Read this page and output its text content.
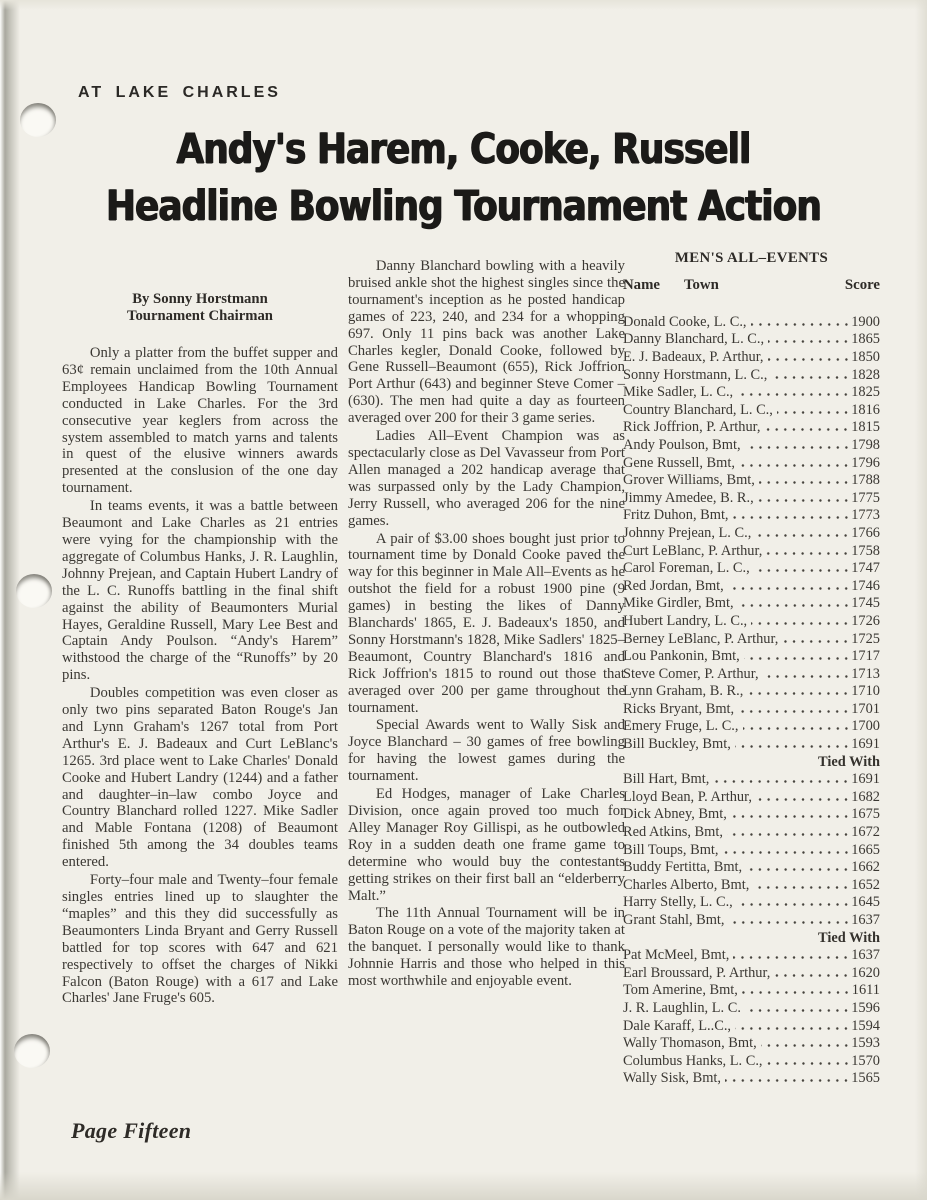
AT LAKE CHARLES
Andy's Harem, Cooke, Russell
Headline Bowling Tournament Action
By Sonny Horstmann
Tournament Chairman

Only a platter from the buffet supper and 63¢ remain unclaimed from the 10th Annual Employees Handicap Bowling Tournament conducted in Lake Charles. For the 3rd consecutive year keglers from across the system assembled to match yarns and talents in quest of the elusive winners awards presented at the conslusion of the one day tournament.

In teams events, it was a battle between Beaumont and Lake Charles as 21 entries were vying for the championship with the aggregate of Columbus Hanks, J. R. Laughlin, Johnny Prejean, and Captain Hubert Landry of the L. C. Runoffs battling in the final shift against the ability of Beaumonters Murial Hayes, Geraldine Russell, Mary Lee Best and Captain Andy Poulson. “Andy's Harem” withstood the charge of the “Runoffs” by 20 pins.

Doubles competition was even closer as only two pins separated Baton Rouge's Jan and Lynn Graham's 1267 total from Port Arthur's E. J. Badeaux and Curt LeBlanc's 1265. 3rd place went to Lake Charles' Donald Cooke and Hubert Landry (1244) and a father and daughter–in–law combo Joyce and Country Blanchard rolled 1227. Mike Sadler and Mable Fontana (1208) of Beaumont finished 5th among the 34 doubles teams entered.

Forty–four male and Twenty–four female singles entries lined up to slaughter the “maples” and this they did successfully as Beaumonters Linda Bryant and Gerry Russell battled for top scores with 647 and 621 respectively to offset the charges of Nikki Falcon (Baton Rouge) with a 617 and Lake Charles' Jane Fruge's 605.

Danny Blanchard bowling with a heavily bruised ankle shot the highest singles since the tournament's inception as he posted handicap games of 223, 240, and 234 for a whopping 697. Only 11 pins back was another Lake Charles kegler, Donald Cooke, followed by Gene Russell–Beaumont (655), Rick Joffrion Port Arthur (643) and beginner Steve Comer – (630). The men had quite a day as fourteen averaged over 200 for their 3 game series.

Ladies All–Event Champion was as spectacularly close as Del Vavasseur from Port Allen managed a 202 handicap average that was surpassed only by the Lady Champion, Jerry Russell, who averaged 206 for the nine games.

A pair of $3.00 shoes bought just prior to tournament time by Donald Cooke paved the way for this beginner in Male All–Events as he outshot the field for a robust 1900 pine (9 games) in besting the likes of Danny Blanchards' 1865, E. J. Badeaux's 1850, and Sonny Horstmann's 1828, Mike Sadlers' 1825–Beaumont, Country Blanchard's 1816 and Rick Joffrion's 1815 to round out those that averaged over 200 per game throughout the tournament.

Special Awards went to Wally Sisk and Joyce Blanchard – 30 games of free bowling for having the lowest games during the tournament.

Ed Hodges, manager of Lake Charles Division, once again proved too much for Alley Manager Roy Gillispi, as he outbowled Roy in a sudden death one frame game to determine who would buy the contestants getting strikes on their first ball an “elderberry Malt.”

The 11th Annual Tournament will be in Baton Rouge on a vote of the majority taken at the banquet. I personally would like to thank Johnnie Harris and those who helped in this most worthwhile and enjoyable event.

MEN'S ALL–EVENTS
Name Town	Score
Donald Cooke, L. C.,	1900
Danny Blanchard, L. C.,	1865
E. J. Badeaux, P. Arthur,	1850
Sonny Horstmann, L. C.,	1828
Mike Sadler, L. C.,	1825
Country Blanchard, L. C.,	1816
Rick Joffrion, P. Arthur,	1815
Andy Poulson, Bmt,	1798
Gene Russell, Bmt,	1796
Grover Williams, Bmt,	1788
Jimmy Amedee, B. R.,	1775
Fritz Duhon, Bmt,	1773
Johnny Prejean, L. C.,	1766
Curt LeBlanc, P. Arthur,	1758
Carol Foreman, L. C.,	1747
Red Jordan, Bmt,	1746
Mike Girdler, Bmt,	1745
Hubert Landry, L. C.,	1726
Berney LeBlanc, P. Arthur,	1725
Lou Pankonin, Bmt,	1717
Steve Comer, P. Arthur,	1713
Lynn Graham, B. R.,	1710
Ricks Bryant, Bmt,	1701
Emery Fruge, L. C.,	1700
Bill Buckley, Bmt,	1691
Tied With
Bill Hart, Bmt,	1691
Lloyd Bean, P. Arthur,	1682
Dick Abney, Bmt,	1675
Red Atkins, Bmt,	1672
Bill Toups, Bmt,	1665
Buddy Fertitta, Bmt,	1662
Charles Alberto, Bmt,	1652
Harry Stelly, L. C.,	1645
Grant Stahl, Bmt,	1637
Tied With
Pat McMeel, Bmt,	1637
Earl Broussard, P. Arthur,	1620
Tom Amerine, Bmt,	1611
J. R. Laughlin, L. C.	1596
Dale Karaff, L..C.,	1594
Wally Thomason, Bmt,	1593
Columbus Hanks, L. C.,	1570
Wally Sisk, Bmt,	1565
Page Fifteen
